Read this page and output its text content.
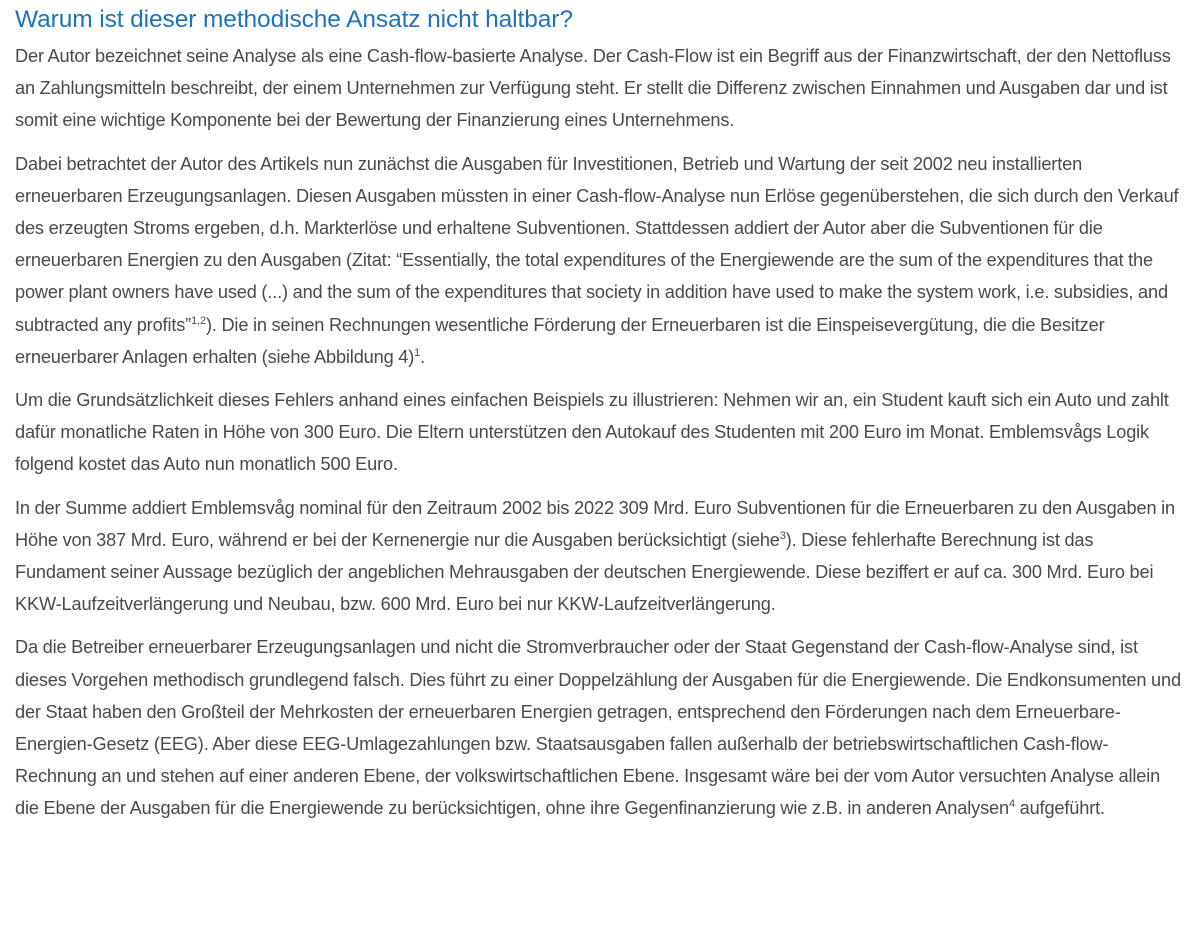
Warum ist dieser methodische Ansatz nicht haltbar?

Der Autor bezeichnet seine Analyse als eine Cash-flow-basierte Analyse. Der Cash-Flow ist ein Begriff aus der Finanzwirtschaft, der den Nettofluss an Zahlungsmitteln beschreibt, der einem Unternehmen zur Verfügung steht. Er stellt die Differenz zwischen Einnahmen und Ausgaben dar und ist somit eine wichtige Komponente bei der Bewertung der Finanzierung eines Unternehmens.

Dabei betrachtet der Autor des Artikels nun zunächst die Ausgaben für Investitionen, Betrieb und Wartung der seit 2002 neu installierten erneuerbaren Erzeugungsanlagen. Diesen Ausgaben müssten in einer Cash-flow-Analyse nun Erlöse gegenüberstehen, die sich durch den Verkauf des erzeugten Stroms ergeben, d.h. Markterlöse und erhaltene Subventionen. Stattdessen addiert der Autor aber die Subventionen für die erneuerbaren Energien zu den Ausgaben (Zitat: “Essentially, the total expenditures of the Energiewende are the sum of the expenditures that the power plant owners have used (...) and the sum of the expenditures that society in addition have used to make the system work, i.e. subsidies, and subtracted any profits”$^{1,2}$). Die in seinen Rechnungen wesentliche Förderung der Erneuerbaren ist die Einspeisevergütung, die die Besitzer erneuerbarer Anlagen erhalten (siehe Abbildung 4)$^1$.

Um die Grundsätzlichkeit dieses Fehlers anhand eines einfachen Beispiels zu illustrieren: Nehmen wir an, ein Student kauft sich ein Auto und zahlt dafür monatliche Raten in Höhe von 300 Euro. Die Eltern unterstützen den Autokauf des Studenten mit 200 Euro im Monat. Emblemsvågs Logik folgend kostet das Auto nun monatlich 500 Euro.

In der Summe addiert Emblemsvåg nominal für den Zeitraum 2002 bis 2022 309 Mrd. Euro Subventionen für die Erneuerbaren zu den Ausgaben in Höhe von 387 Mrd. Euro, während er bei der Kernenergie nur die Ausgaben berücksichtigt (siehe$^3$). Diese fehlerhafte Berechnung ist das Fundament seiner Aussage bezüglich der angeblichen Mehrausgaben der deutschen Energiewende. Diese beziffert er auf ca. 300 Mrd. Euro bei KKW-Laufzeitverlängerung und Neubau, bzw. 600 Mrd. Euro bei nur KKW-Laufzeitverlängerung.

Da die Betreiber erneuerbarer Erzeugungsanlagen und nicht die Stromverbraucher oder der Staat Gegenstand der Cash-flow-Analyse sind, ist dieses Vorgehen methodisch grundlegend falsch. Dies führt zu einer Doppelzählung der Ausgaben für die Energiewende. Die Endkonsumenten und der Staat haben den Großteil der Mehrkosten der erneuerbaren Energien getragen, entsprechend den Förderungen nach dem Erneuerbare-Energien-Gesetz (EEG). Aber diese EEG-Umlagezahlungen bzw. Staatsausgaben fallen außerhalb der betriebswirtschaftlichen Cash-flow-Rechnung an und stehen auf einer anderen Ebene, der volkswirtschaftlichen Ebene. Insgesamt wäre bei der vom Autor versuchten Analyse allein die Ebene der Ausgaben für die Energiewende zu berücksichtigen, ohne ihre Gegenfinanzierung wie z.B. in anderen Analysen$^4$ aufgeführt.
